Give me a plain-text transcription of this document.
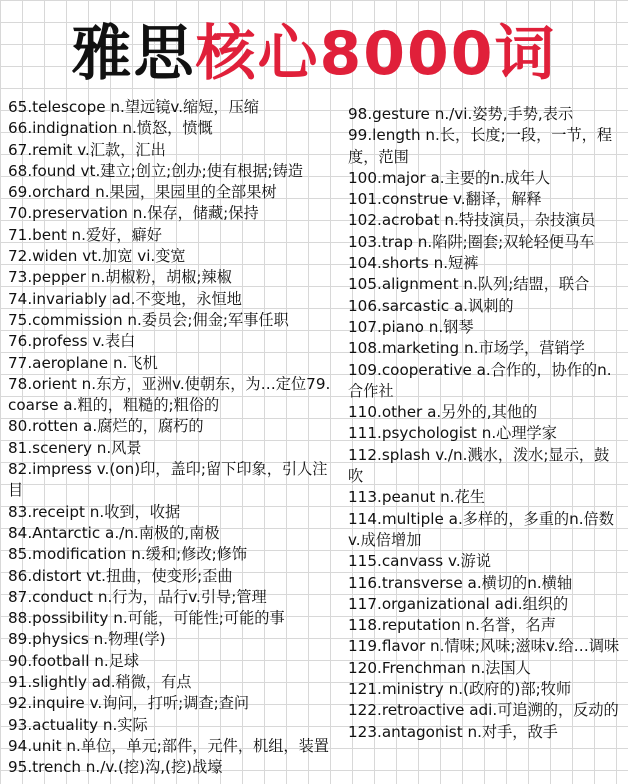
雅思 核心8000词
65.telescope n.望远镜v.缩短，压缩
66.indignation n.愤怒，愤慨
67.remit v.汇款，汇出
68.found vt.建立;创立;创办;使有根据;铸造
69.orchard n.果园，果园里的全部果树
70.preservation n.保存，储藏;保持
71.bent n.爱好，癖好
72.widen vt.加宽 vi.变宽
73.pepper n.胡椒粉，胡椒;辣椒
74.invariably ad.不变地，永恒地
75.commission n.委员会;佣金;军事任职
76.profess v.表白
77.aeroplane n.飞机
78.orient n.东方，亚洲v.使朝东，为…定位79.coarse a.粗的，粗糙的;粗俗的
80.rotten a.腐烂的，腐朽的
81.scenery n.风景
82.impress v.(on)印，盖印;留下印象，引人注目
83.receipt n.收到，收据
84.Antarctic a./n.南极的,南极
85.modification n.缓和;修改;修饰
86.distort vt.扭曲，使变形;歪曲
87.conduct n.行为，品行v.引导;管理
88.possibility n.可能，可能性;可能的事
89.physics n.物理(学)
90.football n.足球
91.slightly ad.稍微，有点
92.inquire v.询问，打听;调查;查问
93.actuality n.实际
94.unit n.单位，单元;部件，元件，机组，装置95.trench n./v.(挖)沟,(挖)战壕
98.gesture n./vi.姿势,手势,表示
99.length n.长，长度;一段，一节，程度，范围
100.major a.主要的n.成年人
101.construe v.翻译，解释
102.acrobat n.特技演员，杂技演员
103.trap n.陷阱;圈套;双轮轻便马车
104.shorts n.短裤
105.alignment n.队列;结盟，联合
106.sarcastic a.讽刺的
107.piano n.钢琴
108.marketing n.市场学，营销学
109.cooperative a.合作的，协作的n.合作社
110.other a.另外的,其他的
111.psychologist n.心理学家
112.splash v./n.溅水，泼水;显示，鼓吹
113.peanut n.花生
114.multiple a.多样的，多重的n.倍数v.成倍增加
115.canvass v.游说
116.transverse a.横切的n.横轴
117.organizational adi.组织的
118.reputation n.名誉，名声
119.flavor n.情味;风味;滋味v.给…调味
120.Frenchman n.法国人
121.ministry n.(政府的)部;牧师
122.retroactive adi.可追溯的，反动的
123.antagonist n.对手，敌手
